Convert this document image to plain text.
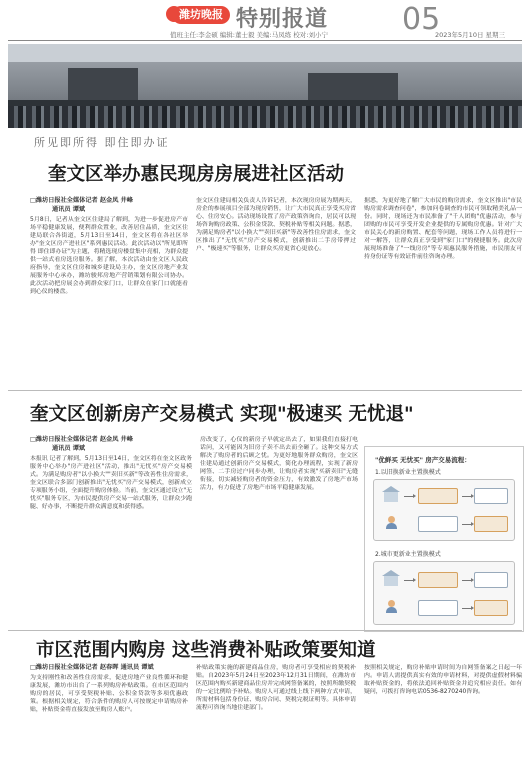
潍坊晚报 特别报道 05
值班主任:李金硕 编辑:董士毅 美编:马凤练 校对:刘小宁	2023年5月10日 星期三
所见即所得 即住即办证
奎文区举办惠民现房房展进社区活动
□潍坊日报社全媒体记者 赵金凤 井峰
通讯员 谭斌
5月8日，记者从奎文区住建局了解到，为进一步促进房产市场平稳健康发展，便利群众置业，改善居住品质，奎文区住建局联合各街道，5月13日至14日，奎文区将在各社区举办"奎文区房产进社区"系列惠民活动。此次活动以"所见即所得 即住即办证"为主题，将精选现房楼盘集中亮相，为群众提供一站式看房选房服务。据了解，本次活动由奎文区人民政府指导，奎文区住房和城乡建设局主办，奎文区房地产业发展服务中心承办，潍坊骏邦房地产营销策划有限公司协办。此次活动把房展会办到群众家门口，让群众在家门口就能看到心仪的楼盘。
奎文区住建局相关负责人告诉记者，本次现房房展为期两天，房企的参展项目全部为现房销售，让广大市民真正享受买房省心、住房安心。活动现场设置了房产政策咨询台，居民可以现场咨询购房政策、公积金贷款、契税补贴等相关问题。据悉，为满足购房者"以小换大""卖旧买新"等改善性住房需求，奎文区推出了"无忧买"房产交易模式，创新推出二手房带押过户、"极速买"等服务，让群众买房更省心更放心。
据悉，为更好地了解广大市民的购房需求，奎文区推出"市民购房需求调查问卷"，参加问卷调查的市民可领取精美礼品一份。同时，现场还为市民准备了"千人团购"优惠活动，参与团购的市民可享受开发企业提供的专属购房优惠。针对广大市民关心的新房购置、配套等问题，现场工作人员将进行一对一解答，让群众真正享受到"家门口"的便捷服务。此次房展现场准备了"一线房房"等专项惠民服务措施，市民朋友可持身份证等有效证件前往咨询办理。
奎文区创新房产交易模式 实现"极速买 无忧退"
□潍坊日报社全媒体记者 赵金凤 井峰
通讯员 谭斌
本报讯 记者了解到，5月13日至14日，奎文区将在奎文区政务服务中心举办"房产进社区"活动，推出"无忧买"房产交易模式。为满足购房者"以小换大""卖旧买新"等改善性住房需求，奎文区联合多部门创新推出"无忧买"房产交易模式，创新成立专项服务小组，全面提升购房体验。当前，奎文区通过设立"无忧买"服务专区，为市民提供房产交易一站式服务，让群众少跑腿、好办事，不断提升群众满意度和获得感。
房改变了，心仪的新房子早就定出去了，如果我们直接打电话问，又可能因为旧房子卖不出去而全砸了。这种交易方式解决了购房者的后顾之忧。为更好地服务群众购房，奎文区住建局通过创新房产交易模式，简化办理流程，实现了新房网签、二手房过户同步办理，让购房者实现"买新卖旧"无缝衔接，切实减轻购房者的资金压力，有效激发了房地产市场活力，有力促进了房地产市场平稳健康发展。
"优鲜买 无忧买" 房产交易流程：
1.以旧换新业主置换模式
2.城市更新业主置换模式
市区范围内购房 这些消费补贴政策要知道
□潍坊日报社全媒体记者 赵春晖 通讯员 谭斌
为支持刚性和改善性住房需求，促进房地产业良性循环和健康发展，潍坊市出台了一系列购房补贴政策。在市区范围内购房的居民，可享受契税补贴、公积金贷款等多项优惠政策。根据相关规定，符合条件的购房人可按规定申请购房补贴，补贴资金将直接发放至购房人账户。
补贴政策实施的新建商品住房，购房者可享受相应的契税补贴。自2023年5月24日至2023年12月31日期间，在潍坊市区范围内购买新建商品住房并完成网签备案的，按照所缴契税的一定比例给予补贴。购房人可通过线上线下两种方式申请，所需材料包括身份证、购房合同、契税完税证明等。具体申请流程可咨询当地住建部门。
按照相关规定，购房补贴申请时间为自网签备案之日起一年内。申请人需提供真实有效的申请材料，对提供虚假材料骗取补贴资金的，将依法追回补贴资金并追究相应责任。如有疑问，可拨打咨询电话0536-8270240咨询。
